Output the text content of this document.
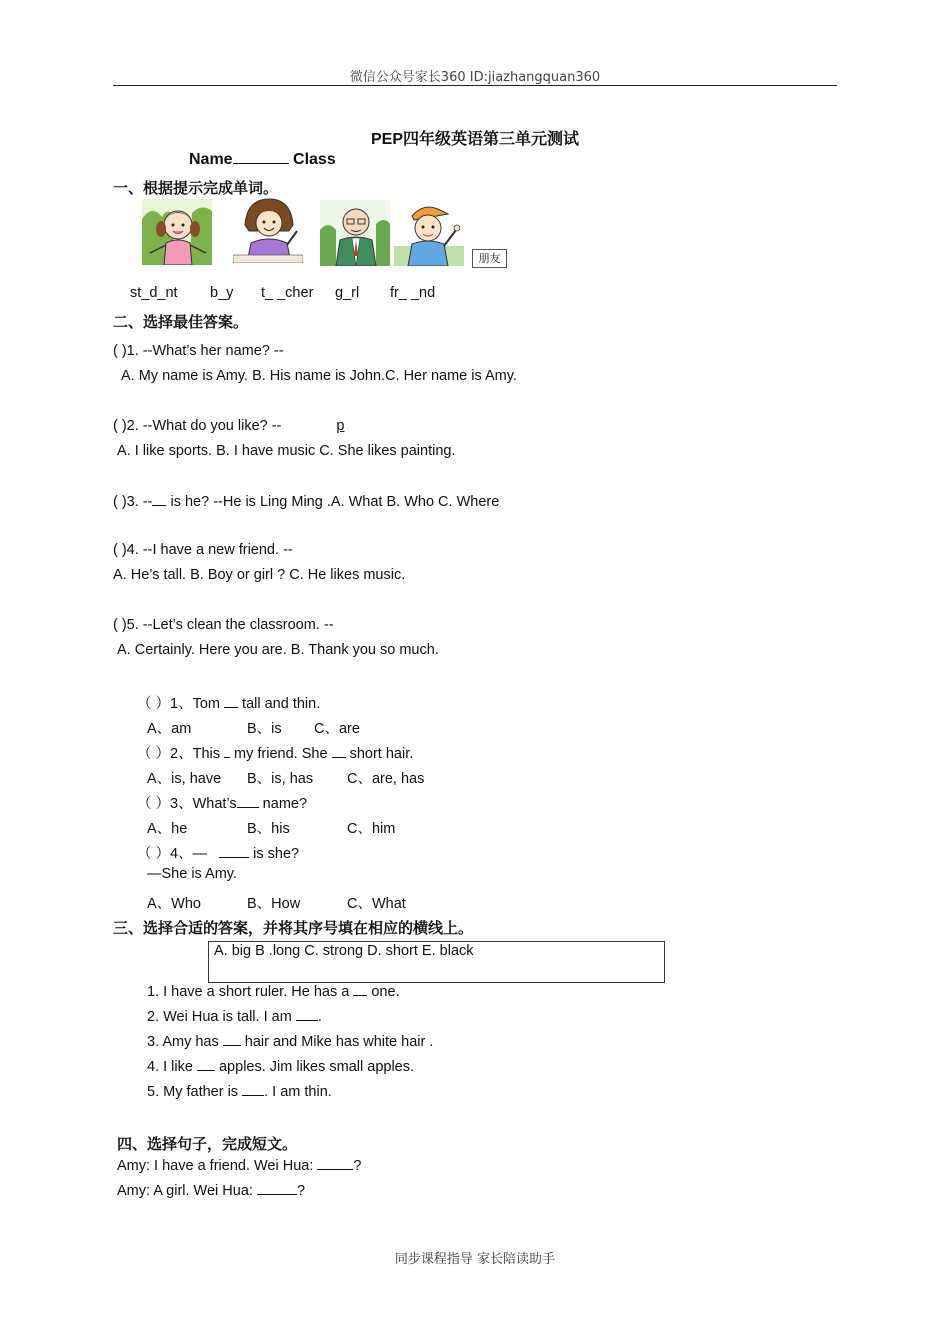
微信公众号家长360 ID:jiazhangquan360
PEP四年级英语第三单元测试
Name	Class
一、根据提示完成单词。
朋友
st_d_nt b_y t_ _cher g_rl fr_ _nd
二、选择最佳答案。
( )1. --What’s her name? --
A. My name is Amy. B. His name is John.C. Her name is Amy.
( )2. --What do you like? --	p
A. I like sports. B. I have music C. She likes painting.
( )3. -- is he? --He is Ling Ming .A. What B. Who C. Where
( )4. --I have a new friend. --
A. He’s tall. B. Boy or girl ? C. He likes music.
( )5. --Let’s clean the classroom. --
A. Certainly. Here you are. B. Thank you so much.
（ ）1、Tom  tall and thin.
A、am	B、is C、are
（ ）2、This  my friend. She  short hair.
A、is, have B、is, has C、are, has
（ ）3、What’s name?
A、he	B、his	C、him
（ ）4、—	is she?
—She is Amy.
A、Who	B、How	C、What
三、选择合适的答案，并将其序号填在相应的横线上。
A. big B .long C. strong D. short E. black
1. I have a short ruler. He has a  one.
2. Wei Hua is tall. I am .
3. Amy has  hair and Mike has white hair .
4. I like  apples. Jim likes small apples.
5. My father is . I am thin.
四、选择句子，完成短文。
Amy: I have a friend. Wei Hua: ?
Amy: A girl. Wei Hua:	?
同步课程指导 家长陪读助手
